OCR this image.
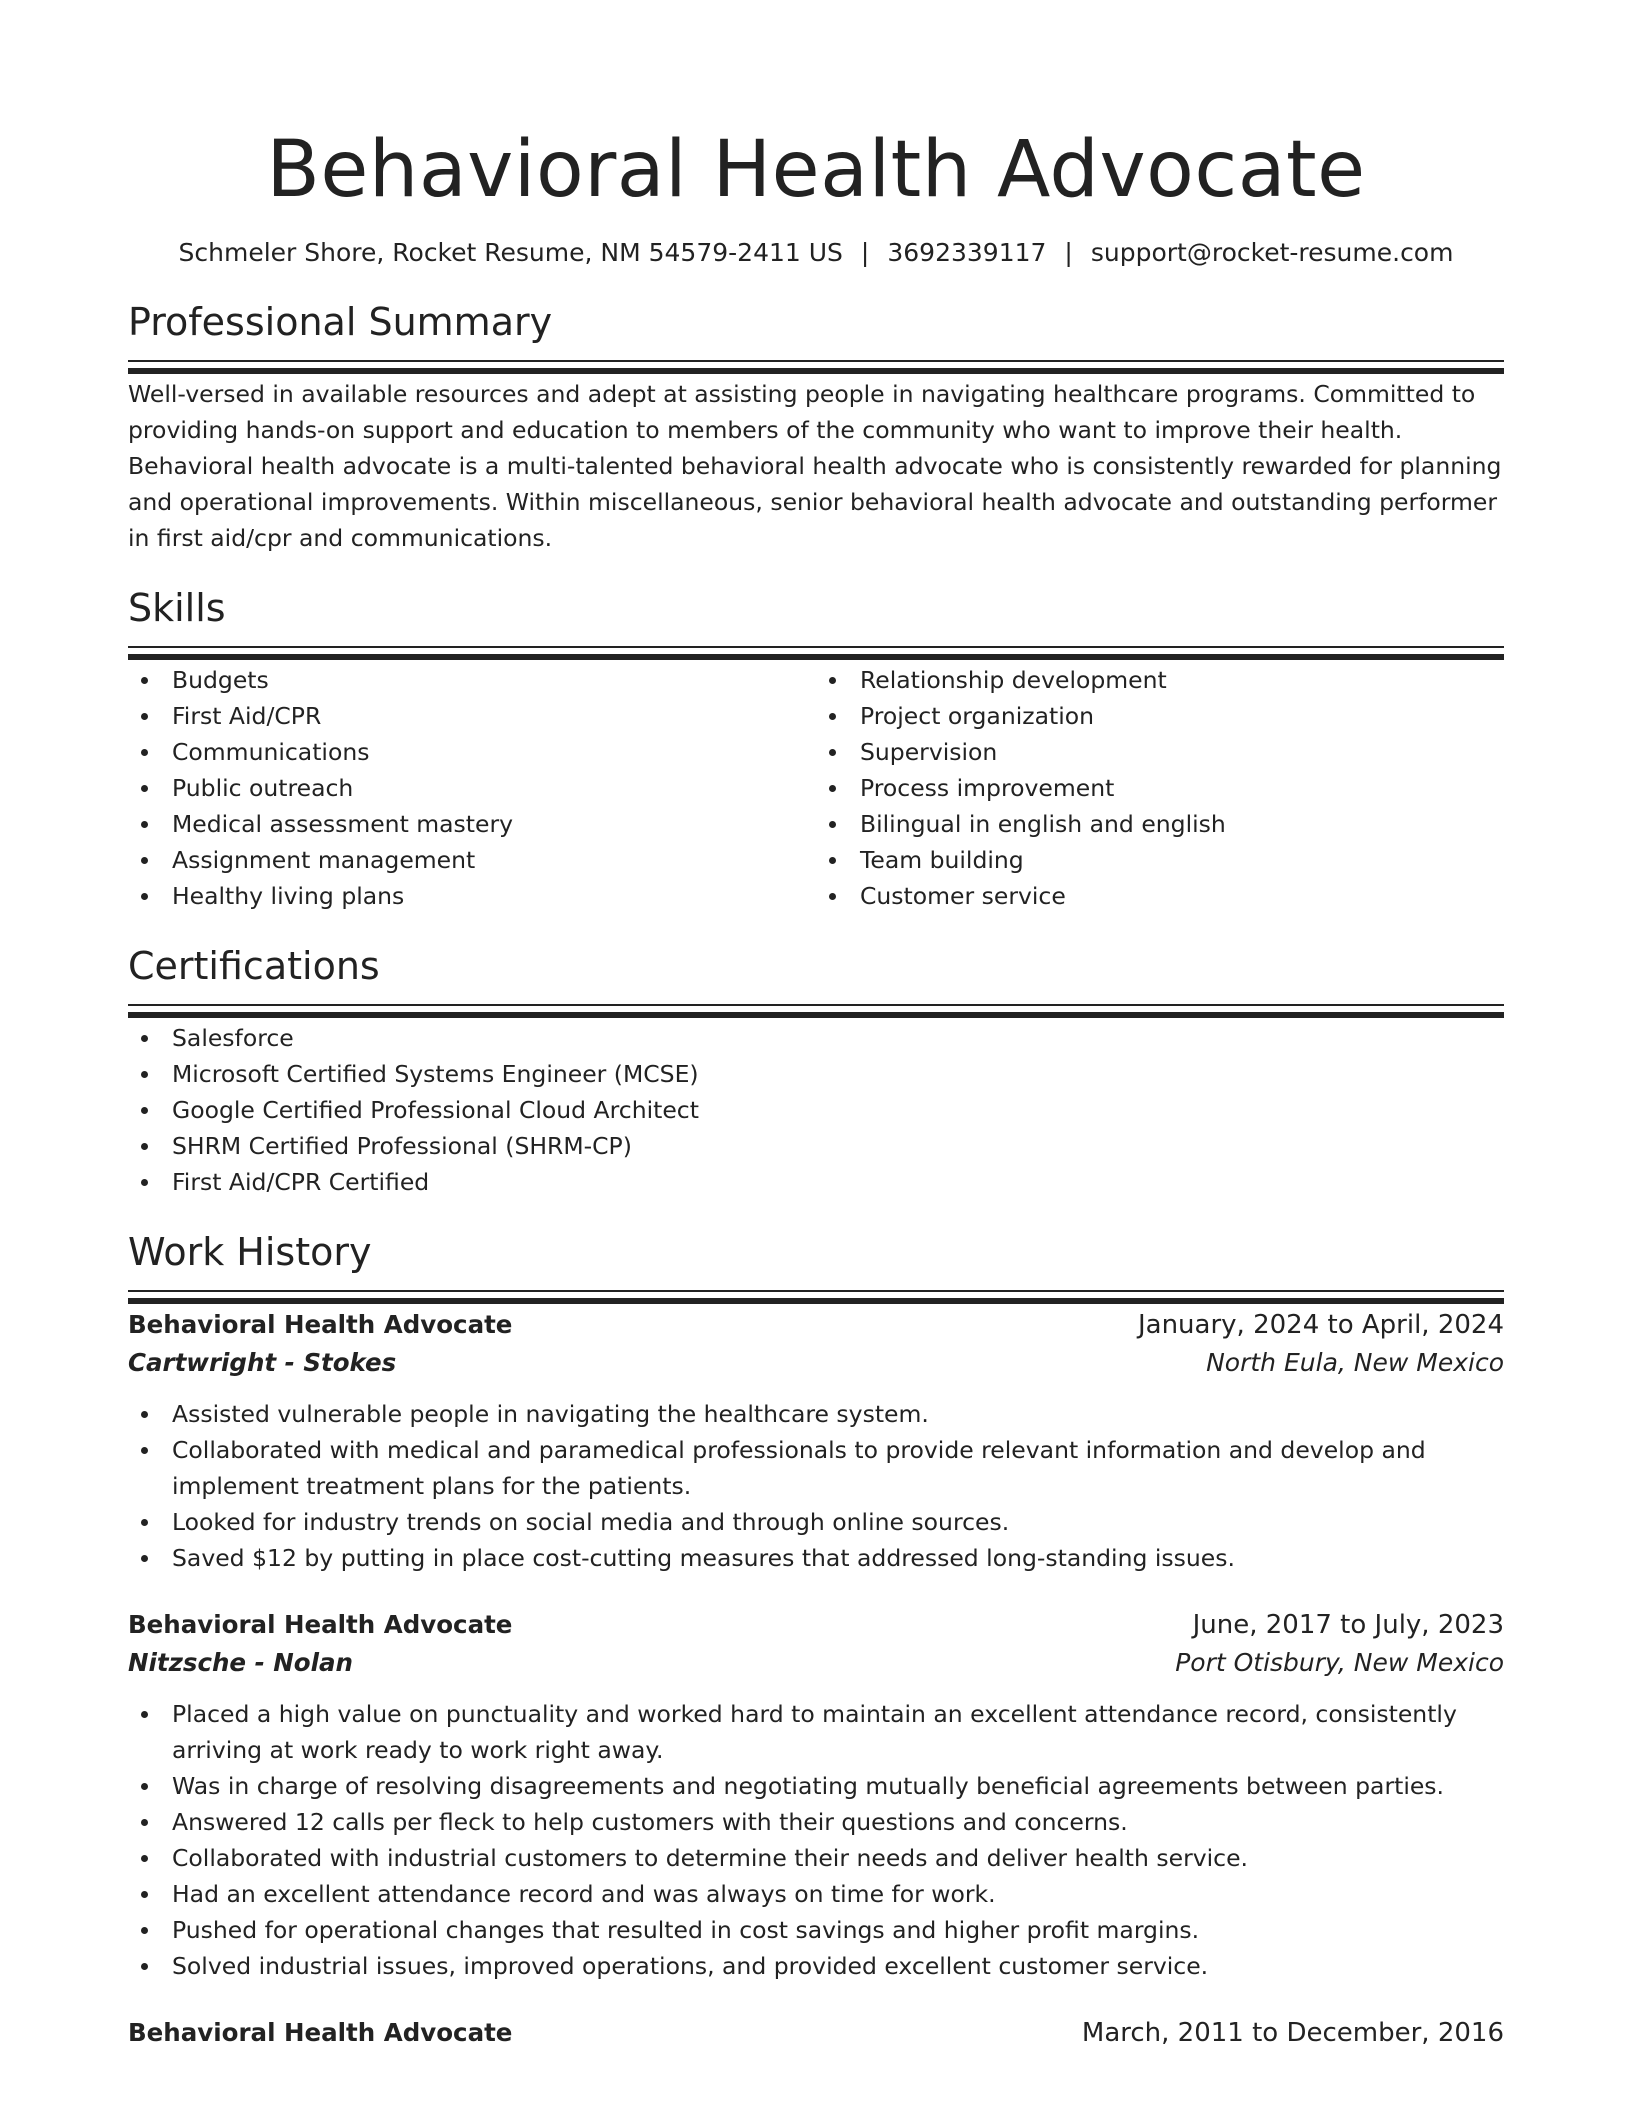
Behavioral Health Advocate
Schmeler Shore, Rocket Resume, NM 54579-2411 US | 3692339117 | support@rocket-resume.com
Professional Summary

Well-versed in available resources and adept at assisting people in navigating healthcare programs. Committed to providing hands-on support and education to members of the community who want to improve their health. Behavioral health advocate is a multi-talented behavioral health advocate who is consistently rewarded for planning and operational improvements. Within miscellaneous, senior behavioral health advocate and outstanding performer in first aid/cpr and communications.

Skills
Budgets
First Aid/CPR
Communications
Public outreach
Medical assessment mastery
Assignment management
Healthy living plans
Relationship development
Project organization
Supervision
Process improvement
Bilingual in english and english
Team building
Customer service
Certifications
Salesforce
Microsoft Certified Systems Engineer (MCSE)
Google Certified Professional Cloud Architect
SHRM Certified Professional (SHRM-CP)
First Aid/CPR Certified
Work History
Behavioral Health Advocate	January, 2024 to April, 2024
Cartwright - Stokes	North Eula, New Mexico
Assisted vulnerable people in navigating the healthcare system.
Collaborated with medical and paramedical professionals to provide relevant information and develop and implement treatment plans for the patients.
Looked for industry trends on social media and through online sources.
Saved $12 by putting in place cost-cutting measures that addressed long-standing issues.
Behavioral Health Advocate	June, 2017 to July, 2023
Nitzsche - Nolan	Port Otisbury, New Mexico
Placed a high value on punctuality and worked hard to maintain an excellent attendance record, consistently arriving at work ready to work right away.
Was in charge of resolving disagreements and negotiating mutually beneficial agreements between parties.
Answered 12 calls per fleck to help customers with their questions and concerns.
Collaborated with industrial customers to determine their needs and deliver health service.
Had an excellent attendance record and was always on time for work.
Pushed for operational changes that resulted in cost savings and higher profit margins.
Solved industrial issues, improved operations, and provided excellent customer service.
Behavioral Health Advocate	March, 2011 to December, 2016
